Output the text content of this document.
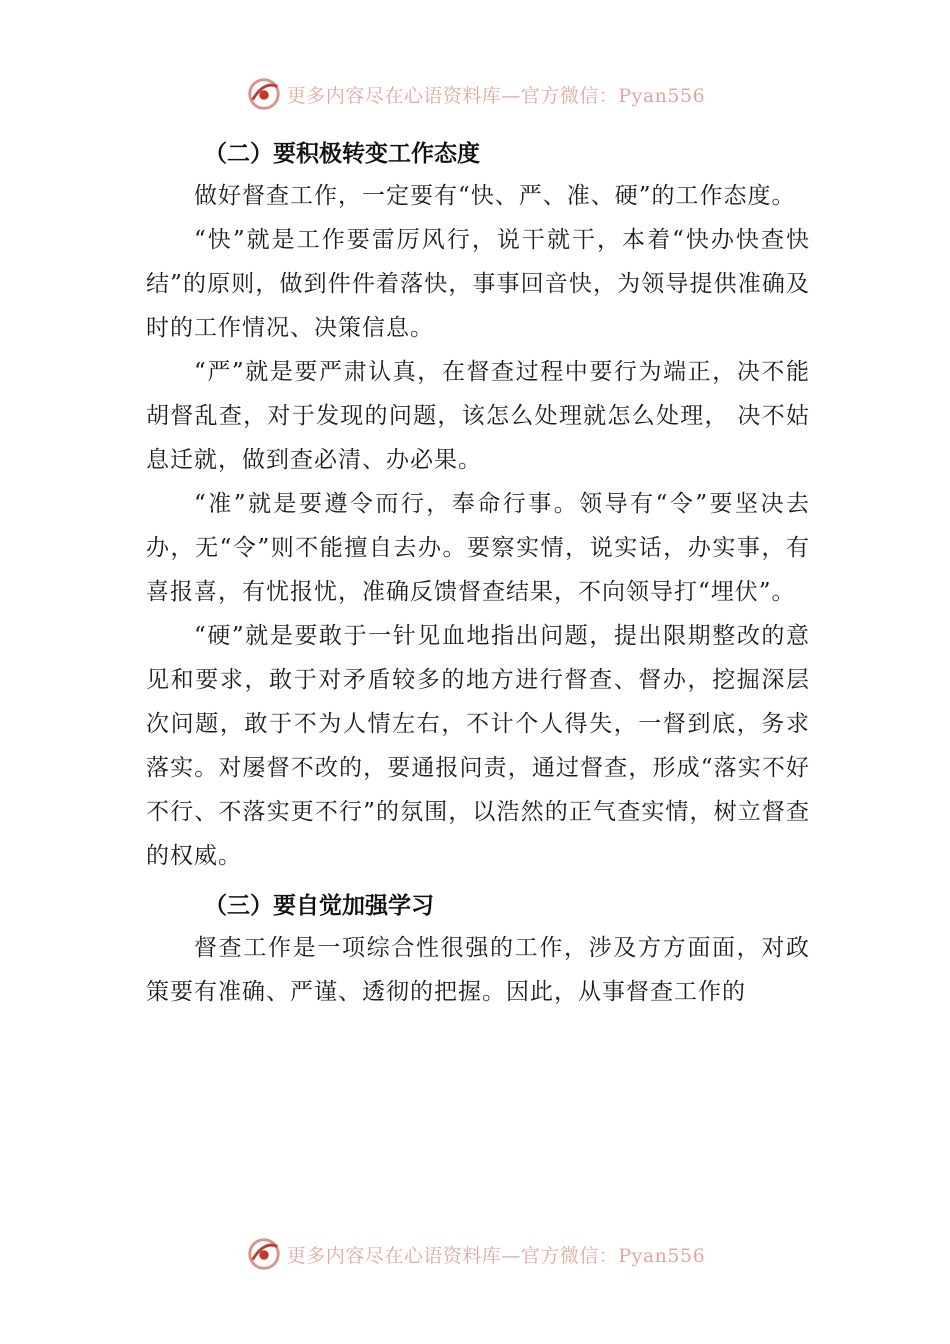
更多内容尽在心语资料库—官方微信：Pyan556
（二）要积极转变工作态度

做好督查工作，一定要有“快、严、准、硬”的工作态度。

“快”就是工作要雷厉风行，说干就干，本着“快办快查快结”的原则，做到件件着落快，事事回音快，为领导提供准确及时的工作情况、决策信息。

“严”就是要严肃认真，在督查过程中要行为端正，决不能胡督乱查，对于发现的问题，该怎么处理就怎么处理， 决不姑息迁就，做到查必清、办必果。

“准”就是要遵令而行，奉命行事。领导有“令”要坚决去办，无“令”则不能擅自去办。要察实情，说实话，办实事，有喜报喜，有忧报忧，准确反馈督查结果，不向领导打“埋伏”。

“硬”就是要敢于一针见血地指出问题，提出限期整改的意见和要求，敢于对矛盾较多的地方进行督查、督办，挖掘深层次问题，敢于不为人情左右，不计个人得失，一督到底，务求落实。对屡督不改的，要通报问责，通过督查，形成“落实不好不行、不落实更不行”的氛围，以浩然的正气查实情，树立督查的权威。

（三）要自觉加强学习

督查工作是一项综合性很强的工作，涉及方方面面，对政策要有准确、严谨、透彻的把握。因此，从事督查工作的

更多内容尽在心语资料库—官方微信：Pyan556
